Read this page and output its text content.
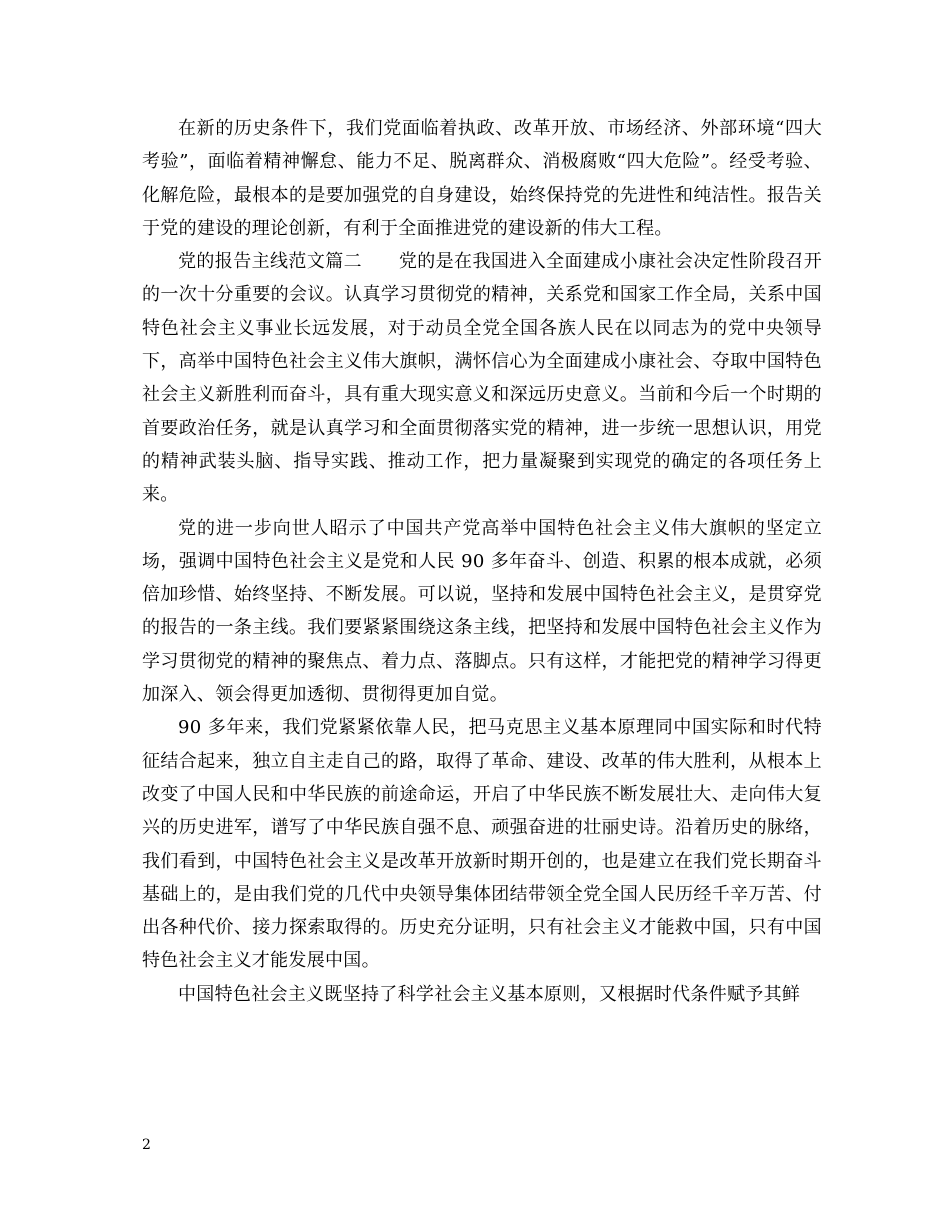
在新的历史条件下，我们党面临着执政、改革开放、市场经济、外部环境“四大考验”，面临着精神懈怠、能力不足、脱离群众、消极腐败“四大危险”。经受考验、化解危险，最根本的是要加强党的自身建设，始终保持党的先进性和纯洁性。报告关于党的建设的理论创新，有利于全面推进党的建设新的伟大工程。

党的报告主线范文篇二　　党的是在我国进入全面建成小康社会决定性阶段召开的一次十分重要的会议。认真学习贯彻党的精神，关系党和国家工作全局，关系中国特色社会主义事业长远发展，对于动员全党全国各族人民在以同志为的党中央领导下，高举中国特色社会主义伟大旗帜，满怀信心为全面建成小康社会、夺取中国特色社会主义新胜利而奋斗，具有重大现实意义和深远历史意义。当前和今后一个时期的首要政治任务，就是认真学习和全面贯彻落实党的精神，进一步统一思想认识，用党的精神武装头脑、指导实践、推动工作，把力量凝聚到实现党的确定的各项任务上来。

党的进一步向世人昭示了中国共产党高举中国特色社会主义伟大旗帜的坚定立场，强调中国特色社会主义是党和人民 90 多年奋斗、创造、积累的根本成就，必须倍加珍惜、始终坚持、不断发展。可以说，坚持和发展中国特色社会主义，是贯穿党的报告的一条主线。我们要紧紧围绕这条主线，把坚持和发展中国特色社会主义作为学习贯彻党的精神的聚焦点、着力点、落脚点。只有这样，才能把党的精神学习得更加深入、领会得更加透彻、贯彻得更加自觉。

90 多年来，我们党紧紧依靠人民，把马克思主义基本原理同中国实际和时代特征结合起来，独立自主走自己的路，取得了革命、建设、改革的伟大胜利，从根本上改变了中国人民和中华民族的前途命运，开启了中华民族不断发展壮大、走向伟大复兴的历史进军，谱写了中华民族自强不息、顽强奋进的壮丽史诗。沿着历史的脉络，我们看到，中国特色社会主义是改革开放新时期开创的，也是建立在我们党长期奋斗基础上的，是由我们党的几代中央领导集体团结带领全党全国人民历经千辛万苦、付出各种代价、接力探索取得的。历史充分证明，只有社会主义才能救中国，只有中国特色社会主义才能发展中国。

中国特色社会主义既坚持了科学社会主义基本原则，又根据时代条件赋予其鲜

2
